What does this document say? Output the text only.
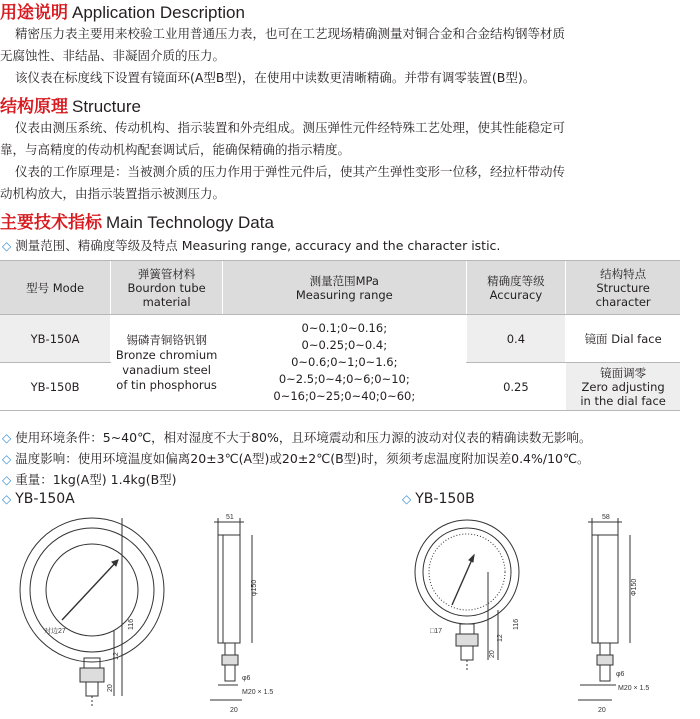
用途说明 Application Description
精密压力表主要用来校验工业用普通压力表，也可在工艺现场精确测量对铜合金和合金结构钢等材质
无腐蚀性、非结晶、非凝固介质的压力。
该仪表在标度线下设置有镜面环(A型B型)，在使用中读数更清晰精确。并带有调零装置(B型)。
结构原理 Structure
仪表由测压系统、传动机构、指示装置和外壳组成。测压弹性元件经特殊工艺处理，使其性能稳定可
靠，与高精度的传动机构配套调试后，能确保精确的指示精度。
仪表的工作原理是：当被测介质的压力作用于弹性元件后，使其产生弹性变形一位移，经拉杆带动传
动机构放大，由指示装置指示被测压力。
主要技术指标 Main Technology Data
◇ 测量范围、精确度等级及特点 Measuring range, accuracy and the character istic.
型号 Mode	弹簧管材料
Bourdon tube
material	测量范围MPa
Measuring range	精确度等级
Accuracy	结构特点
Structure
character
YB-150A	锡磷青铜铬钒钢
Bronze chromium
vanadium steel
of tin phosphorus	0~0.1;0~0.16;
0~0.25;0~0.4;
0~0.6;0~1;0~1.6;
0~2.5;0~4;0~6;0~10;
0~16;0~25;0~40;0~60;	0.4	镜面 Dial face
YB-150B			0.25	镜面调零
Zero adjusting
in the dial face
◇ 使用环境条件：5~40℃，相对湿度不大于80%，且环境震动和压力源的波动对仪表的精确读数无影响。
◇ 温度影响：使用环境温度如偏离20±3℃(A型)或20±2℃(B型)时，须须考虑温度附加误差0.4%/10℃。
◇ 重量：1kg(A型) 1.4kg(B型)
◇ YB-150A	◇ YB-150B
51
φ150
116
12
20
对边27
φ6
M20 × 1.5
20
58
Φ150
116
12
20
□17
φ6
M20 × 1.5
20
